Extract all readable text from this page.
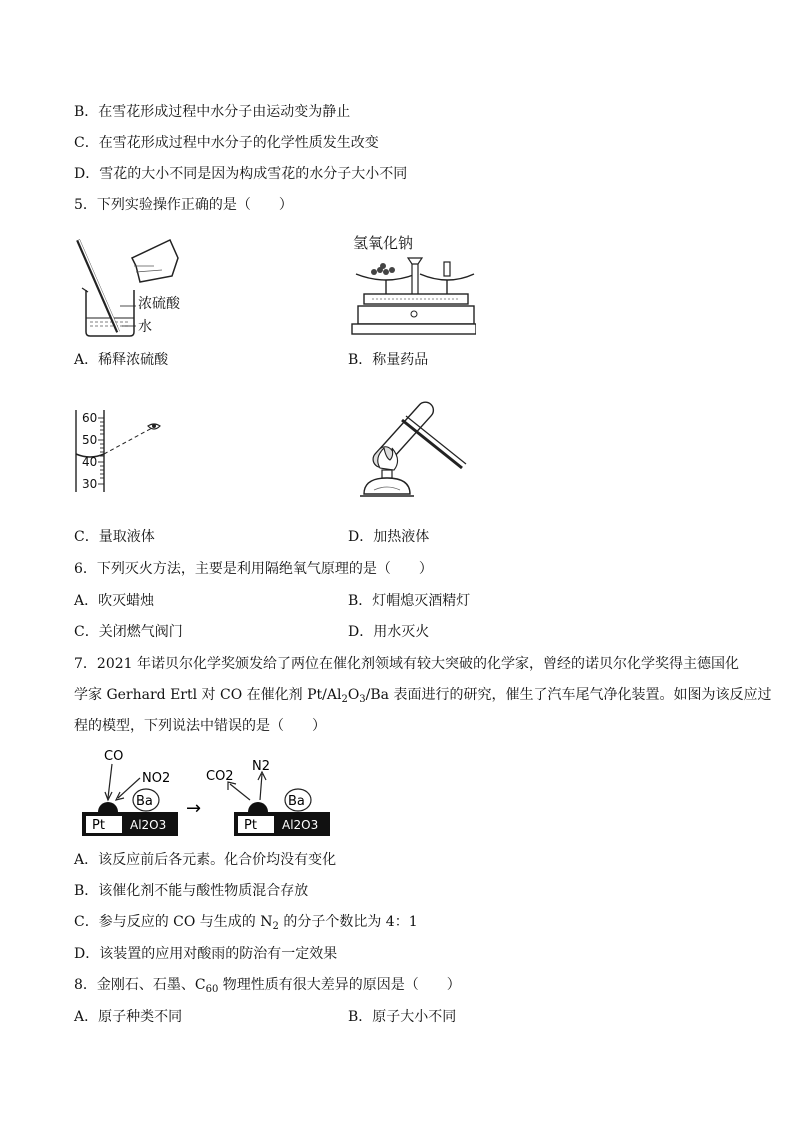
B．在雪花形成过程中水分子由运动变为静止
C．在雪花形成过程中水分子的化学性质发生改变
D．雪花的大小不同是因为构成雪花的水分子大小不同
5．下列实验操作正确的是（　　）
浓硫酸
水
氢氧化钠
A．稀释浓硫酸	B．称量药品
60
50
40
30
C．量取液体	D．加热液体
6．下列灭火方法，主要是利用隔绝氧气原理的是（　　）
A．吹灭蜡烛	B．灯帽熄灭酒精灯
C．关闭燃气阀门	D．用水灭火
7．2021 年诺贝尔化学奖颁发给了两位在催化剂领域有较大突破的化学家，曾经的诺贝尔化学奖得主德国化
学家 Gerhard Ertl 对 CO 在催化剂 $Pt/Al_2O_3/Ba$ 表面进行的研究，催生了汽车尾气净化装置。如图为该反应过
程的模型，下列说法中错误的是（　　）
CO
NO2
Ba
Pt Al2O3
→
CO2
N2
Ba
Pt Al2O3
A．该反应前后各元素。化合价均没有变化
B．该催化剂不能与酸性物质混合存放
C．参与反应的 CO 与生成的 $N_2$ 的分子个数比为 4：1
D．该装置的应用对酸雨的防治有一定效果
8．金刚石、石墨、$C_{60}$ 物理性质有很大差异的原因是（　　）
A．原子种类不同	B．原子大小不同
